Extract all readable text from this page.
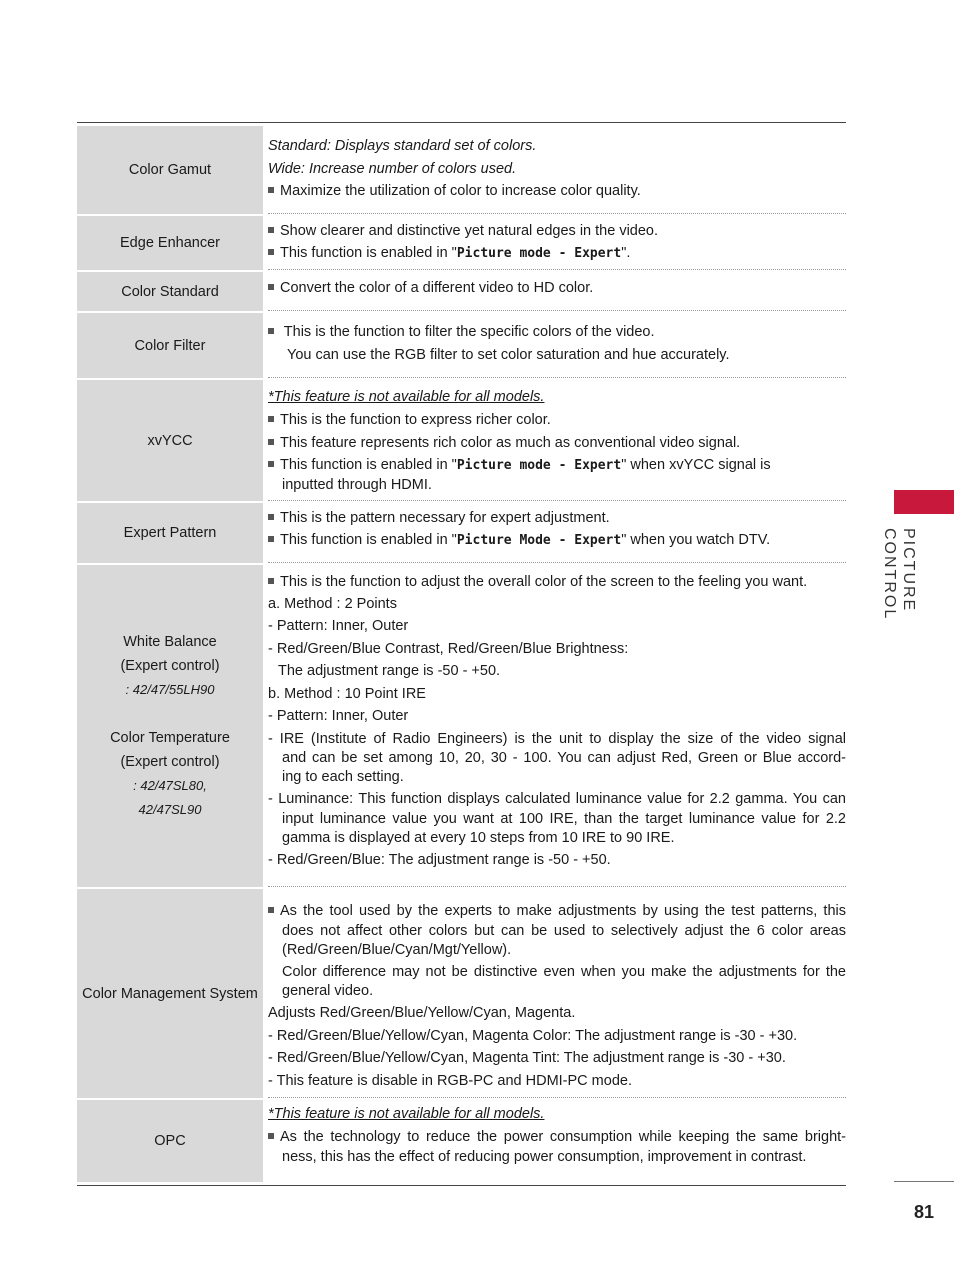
Color Gamut
Standard: Displays standard set of colors.
Wide: Increase number of colors used.
Maximize the utilization of color to increase color quality.
Edge Enhancer
Show clearer and distinctive yet natural edges in the video.
This function is enabled in "Picture mode - Expert".
Color Standard	Convert the color of a different video to HD color.
Color Filter
This is the function to filter the specific colors of the video.
You can use the RGB filter to set color saturation and hue accurately.
xvYCC
*This feature is not available for all models.
This is the function to express richer color.
This feature represents rich color as much as conventional video signal.
This function is enabled in "Picture mode - Expert" when xvYCC signal is
inputted through HDMI.
Expert Pattern
This is the pattern necessary for expert adjustment.
This function is enabled in "Picture Mode - Expert" when you watch DTV.
White Balance
(Expert control)
: 42/47/55LH90
Color Temperature
(Expert control)
: 42/47SL80,
42/47SL90
This is the function to adjust the overall color of the screen to the feeling you want.
a. Method : 2 Points
- Pattern: Inner, Outer
- Red/Green/Blue Contrast, Red/Green/Blue Brightness:
The adjustment range is -50 - +50.
b. Method : 10 Point IRE
- Pattern: Inner, Outer
- IRE (Institute of Radio Engineers) is the unit to display the size of the video signal
and can be set among 10, 20, 30 - 100. You can adjust Red, Green or Blue accord-
ing to each setting.
- Luminance: This function displays calculated luminance value for 2.2 gamma. You can
input luminance value you want at 100 IRE, than the target luminance value for 2.2
gamma is displayed at every 10 steps from 10 IRE to 90 IRE.
- Red/Green/Blue: The adjustment range is -50 - +50.
Color Management System
As the tool used by the experts to make adjustments by using the test patterns, this
does not affect other colors but can be used to selectively adjust the 6 color areas
(Red/Green/Blue/Cyan/Mgt/Yellow).
Color difference may not be distinctive even when you make the adjustments for the
general video.
Adjusts Red/Green/Blue/Yellow/Cyan, Magenta.
- Red/Green/Blue/Yellow/Cyan, Magenta Color: The adjustment range is -30 - +30.
- Red/Green/Blue/Yellow/Cyan, Magenta Tint: The adjustment range is -30 - +30.
- This feature is disable in RGB-PC and HDMI-PC mode.
OPC
*This feature is not available for all models.
As the technology to reduce the power consumption while keeping the same bright-
ness, this has the effect of reducing power consumption, improvement in contrast.
PICTURE CONTROL
81
